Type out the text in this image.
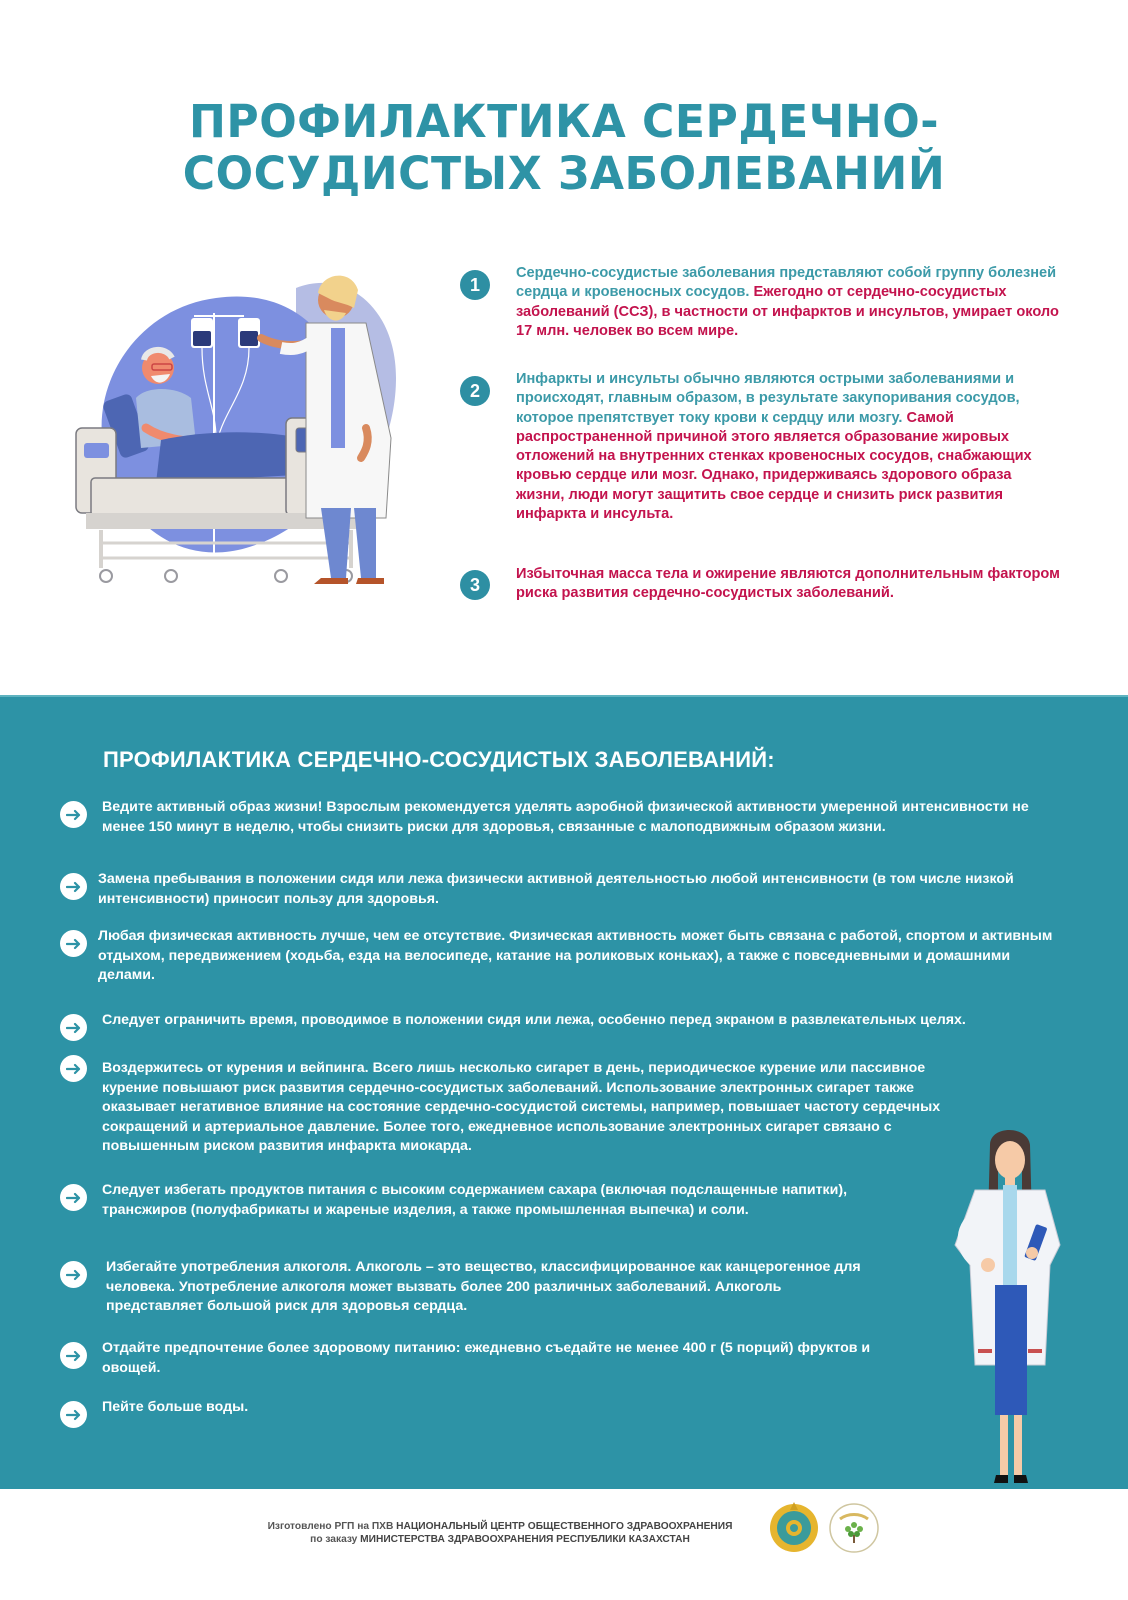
ПРОФИЛАКТИКА СЕРДЕЧНО-
СОСУДИСТЫХ ЗАБОЛЕВАНИЙ
1
Сердечно-сосудистые заболевания представляют собой группу болезней сердца и кровеносных сосудов. Ежегодно от сердечно-сосудистых заболеваний (ССЗ), в частности от инфарктов и инсультов, умирает около 17 млн. человек во всем мире.
2
Инфаркты и инсульты обычно являются острыми заболеваниями и происходят, главным образом, в результате закупоривания сосудов, которое препятствует току крови к сердцу или мозгу. Самой распространенной причиной этого является образование жировых отложений на внутренних стенках кровеносных сосудов, снабжающих кровью сердце или мозг. Однако, придерживаясь здорового образа жизни, люди могут защитить свое сердце и снизить риск развития инфаркта и инсульта.
3
Избыточная масса тела и ожирение являются дополнительным фактором риска развития сердечно-сосудистых заболеваний.
ПРОФИЛАКТИКА СЕРДЕЧНО-СОСУДИСТЫХ ЗАБОЛЕВАНИЙ:
Ведите активный образ жизни! Взрослым рекомендуется уделять аэробной физической активности умеренной интенсивности не менее 150 минут в неделю, чтобы снизить риски для здоровья, связанные с малоподвижным образом жизни.
Замена пребывания в положении сидя или лежа физически активной деятельностью любой интенсивности (в том числе низкой интенсивности) приносит пользу для здоровья.
Любая физическая активность лучше, чем ее отсутствие. Физическая активность может быть связана с работой, спортом и активным отдыхом, передвижением (ходьба, езда на велосипеде, катание на роликовых коньках), а также с повседневными и домашними делами.
Следует ограничить время, проводимое в положении сидя или лежа, особенно перед экраном в развлекательных целях.
Воздержитесь от курения и вейпинга. Всего лишь несколько сигарет в день, периодическое курение или пассивное курение повышают риск развития сердечно-сосудистых заболеваний. Использование электронных сигарет также оказывает негативное влияние на состояние сердечно-сосудистой системы, например, повышает частоту сердечных сокращений и артериальное давление. Более того, ежедневное использование электронных сигарет связано с повышенным риском развития инфаркта миокарда.
Следует избегать продуктов питания с высоким содержанием сахара (включая подслащенные напитки), трансжиров (полуфабрикаты и жареные изделия, а также промышленная выпечка) и соли.
Избегайте употребления алкоголя. Алкоголь – это вещество, классифицированное как канцерогенное для человека. Употребление алкоголя может вызвать более 200 различных заболеваний. Алкоголь представляет большой риск для здоровья сердца.
Отдайте предпочтение более здоровому питанию: ежедневно съедайте не менее 400 г (5 порций) фруктов и овощей.
Пейте больше воды.
Изготовлено РГП на ПХВ НАЦИОНАЛЬНЫЙ ЦЕНТР ОБЩЕСТВЕННОГО ЗДРАВООХРАНЕНИЯ
по заказу МИНИСТЕРСТВА ЗДРАВООХРАНЕНИЯ РЕСПУБЛИКИ КАЗАХСТАН
